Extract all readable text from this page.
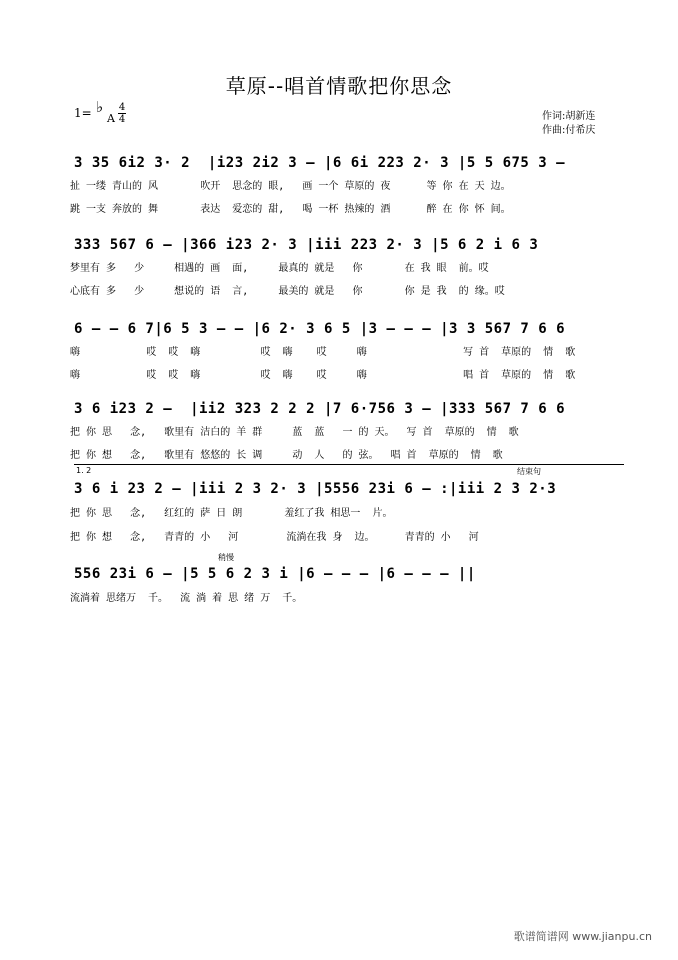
草原--唱首情歌把你思念
1= ♭
A
4
4	作词:胡新连
作曲:付希庆
3 35 6i2 3· 2  |i23 2i2 3 – |6 6i 223 2· 3 |5 5 675 3 –
扯 一缕 青山的 风       吹开  思念的 眼,   画 一个 草原的 夜      等 你 在 天 边。
跳 一支 奔放的 舞       表达  爱恋的 甜,   喝 一杯 热辣的 酒      醉 在 你 怀 间。
333 567 6 – |366 i23 2· 3 |iii 223 2· 3 |5 6 2 i 6 3
梦里有 多   少     相遇的 画  面,     最真的 就是   你       在 我 眼  前。哎
心底有 多   少     想说的 语  言,     最美的 就是   你       你 是 我  的 缘。哎
6 – – 6 7|6 5 3 – – |6 2· 3 6 5 |3 – – – |3 3 567 7 6 6
嗨           哎  哎  嗨          哎  嗨    哎     嗨                写 首  草原的  情  歌
嗨           哎  哎  嗨          哎  嗨    哎     嗨                唱 首  草原的  情  歌
3 6 i23 2 –  |ii2 323 2 2 2 |7 6·756 3 – |333 567 7 6 6
把 你 思   念,   歌里有 洁白的 羊 群     蓝  蓝   一 的 天。  写 首  草原的  情  歌
把 你 想   念,   歌里有 悠悠的 长 调     动  人   的 弦。  唱 首  草原的  情  歌
1. 2	结束句
3 6 i 23 2 – |iii 2 3 2· 3 |5556 23i 6 – :|iii 2 3 2·3
把 你 思   念,   红红的 萨 日 朗       羞红了我 相思一  片。
把 你 想   念,   青青的 小   河        流淌在我 身  边。     青青的 小   河
稍慢
556 23i 6 – |5 5 6 2 3 i |6 – – – |6 – – – ||
流淌着 思绪万  千。  流 淌 着 思 绪 万  千。
歌谱简谱网 www.jianpu.cn
